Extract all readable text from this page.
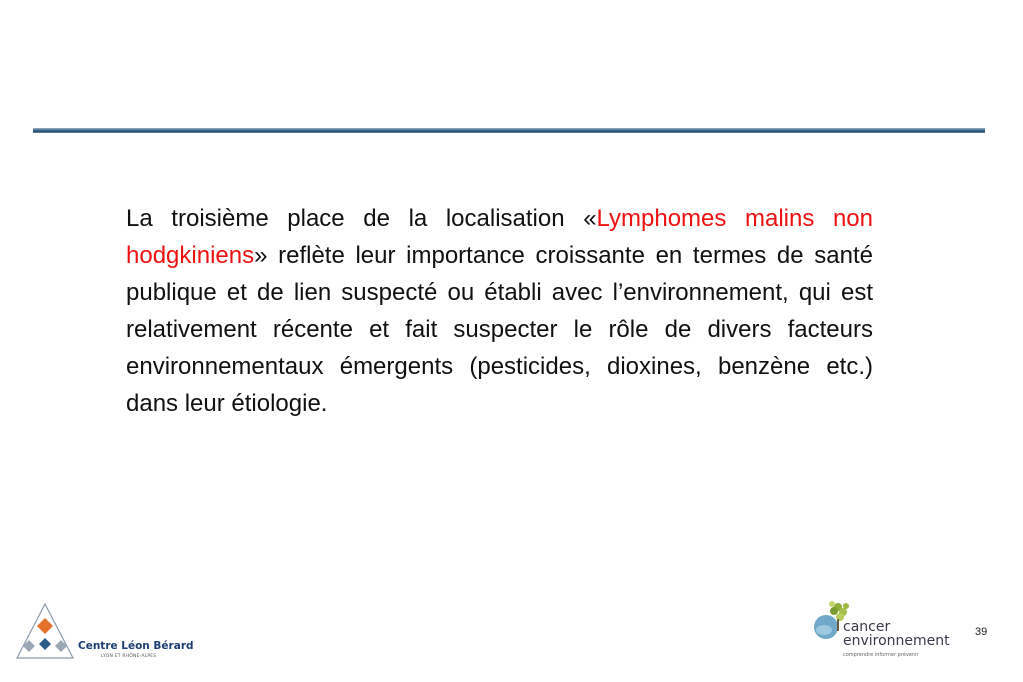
La troisième place de la localisation «Lymphomes malins non hodgkiniens» reflète leur importance croissante en termes de santé publique et de lien suspecté ou établi avec l’environnement, qui est relativement récente et fait suspecter le rôle de divers facteurs environnementaux émergents (pesticides, dioxines, benzène etc.) dans leur étiologie.

Centre Léon Bérard
LYON ET RHÔNE-ALPES
cancer
environnement
comprendre informer prévenir
39
